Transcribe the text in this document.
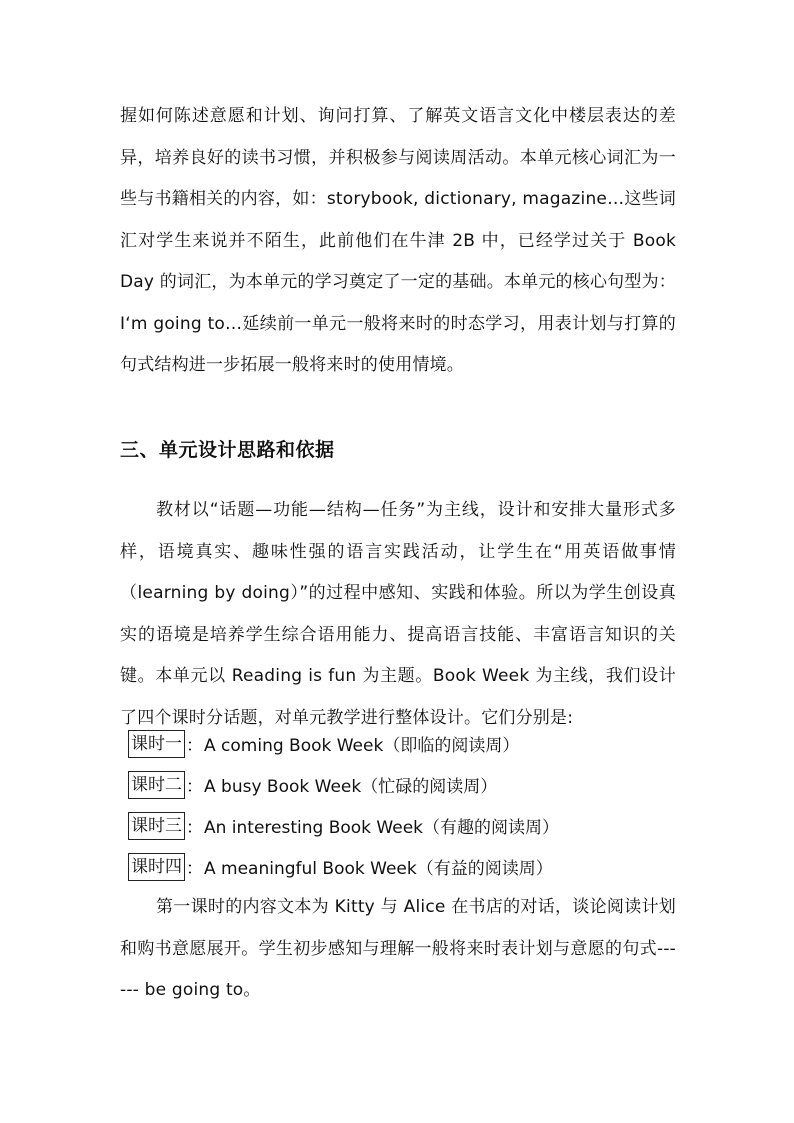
握如何陈述意愿和计划、询问打算、了解英文语言文化中楼层表达的差异，培养良好的读书习惯，并积极参与阅读周活动。本单元核心词汇为一些与书籍相关的内容，如：storybook, dictionary, magazine…这些词汇对学生来说并不陌生，此前他们在牛津 2B 中，已经学过关于 Book Day 的词汇，为本单元的学习奠定了一定的基础。本单元的核心句型为：I‘m going to…延续前一单元一般将来时的时态学习，用表计划与打算的句式结构进一步拓展一般将来时的使用情境。

三、单元设计思路和依据

教材以“话题—功能—结构—任务”为主线，设计和安排大量形式多样，语境真实、趣味性强的语言实践活动，让学生在“用英语做事情（learning by doing）”的过程中感知、实践和体验。所以为学生创设真实的语境是培养学生综合语用能力、提高语言技能、丰富语言知识的关键。本单元以 Reading is fun 为主题。Book Week 为主线，我们设计了四个课时分话题，对单元教学进行整体设计。它们分别是:

课时一 ： A coming Book Week（即临的阅读周）
课时二 ： A busy Book Week（忙碌的阅读周）
课时三 ： An interesting Book Week（有趣的阅读周）
课时四 ： A meaningful Book Week（有益的阅读周）

第一课时的内容文本为 Kitty 与 Alice 在书店的对话，谈论阅读计划和购书意愿展开。学生初步感知与理解一般将来时表计划与意愿的句式------ be going to。
